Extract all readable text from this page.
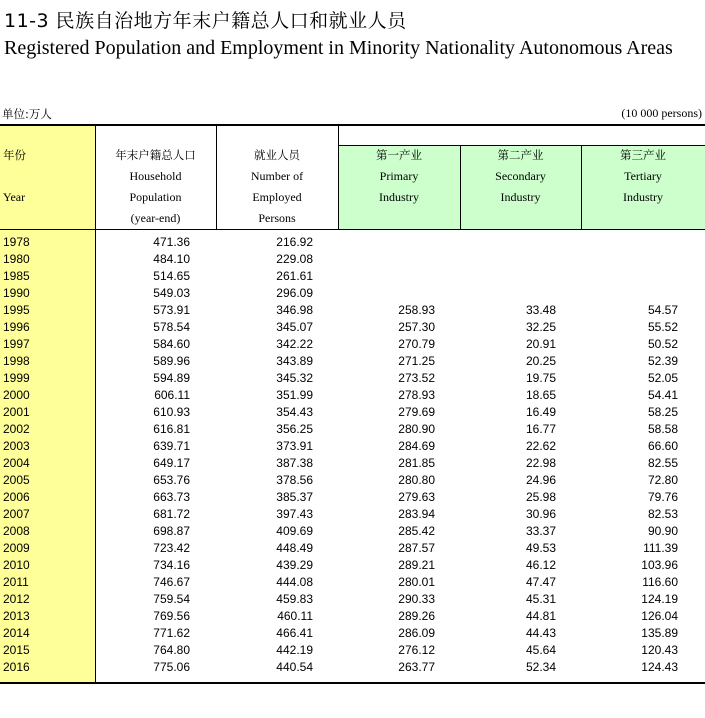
11-3 民族自治地方年末户籍总人口和就业人员
Registered Population and Employment in Minority Nationality Autonomous Areas
单位:万人	(10 000 persons)
年份
Year
年末户籍总人口
Household
Population
(year-end)
就业人员
Number of
Employed
Persons
第一产业
Primary
Industry
第二产业
Secondary
Industry
第三产业
Tertiary
Industry
1978	471.36	216.92
1980	484.10	229.08
1985	514.65	261.61
1990	549.03	296.09
1995	573.91	346.98	258.93	33.48	54.57
1996	578.54	345.07	257.30	32.25	55.52
1997	584.60	342.22	270.79	20.91	50.52
1998	589.96	343.89	271.25	20.25	52.39
1999	594.89	345.32	273.52	19.75	52.05
2000	606.11	351.99	278.93	18.65	54.41
2001	610.93	354.43	279.69	16.49	58.25
2002	616.81	356.25	280.90	16.77	58.58
2003	639.71	373.91	284.69	22.62	66.60
2004	649.17	387.38	281.85	22.98	82.55
2005	653.76	378.56	280.80	24.96	72.80
2006	663.73	385.37	279.63	25.98	79.76
2007	681.72	397.43	283.94	30.96	82.53
2008	698.87	409.69	285.42	33.37	90.90
2009	723.42	448.49	287.57	49.53	111.39
2010	734.16	439.29	289.21	46.12	103.96
2011	746.67	444.08	280.01	47.47	116.60
2012	759.54	459.83	290.33	45.31	124.19
2013	769.56	460.11	289.26	44.81	126.04
2014	771.62	466.41	286.09	44.43	135.89
2015	764.80	442.19	276.12	45.64	120.43
2016	775.06	440.54	263.77	52.34	124.43
